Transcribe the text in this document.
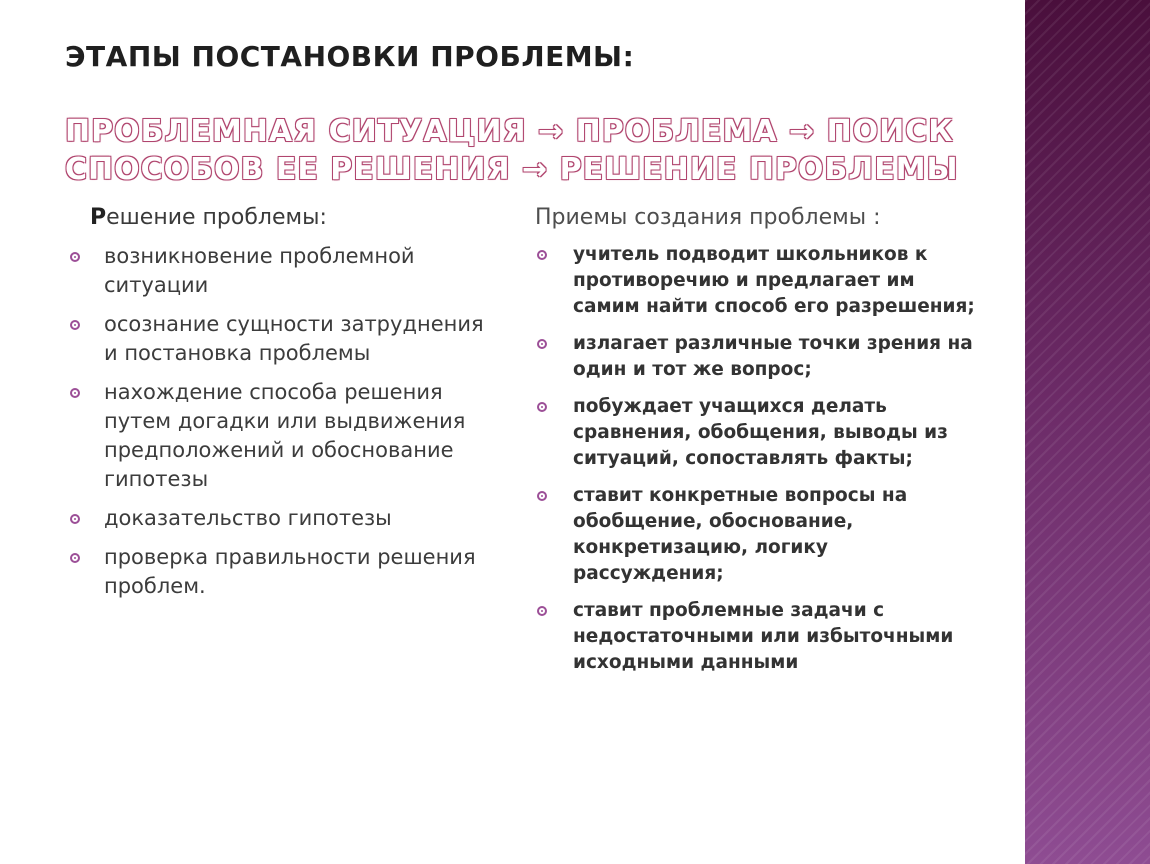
ЭТАПЫ ПОСТАНОВКИ ПРОБЛЕМЫ:

ПРОБЛЕМНАЯ СИТУАЦИЯ → ПРОБЛЕМА → ПОИСК СПОСОБОВ ЕЕ РЕШЕНИЯ → РЕШЕНИЕ ПРОБЛЕМЫ

Решение проблемы:
возникновение проблемной ситуации
осознание сущности затруднения и постановка проблемы
нахождение способа решения путем догадки или выдвижения предположений и обоснование гипотезы
доказательство гипотезы
проверка правильности решения проблем.
Приемы создания проблемы :
учитель подводит школьников к противоречию и предлагает им самим найти способ его разрешения;
излагает различные точки зрения на один и тот же вопрос;
побуждает учащихся делать сравнения, обобщения, выводы из ситуаций, сопоставлять факты;
ставит конкретные вопросы на обобщение, обоснование, конкретизацию, логику рассуждения;
ставит проблемные задачи с недостаточными или избыточными исходными данными
